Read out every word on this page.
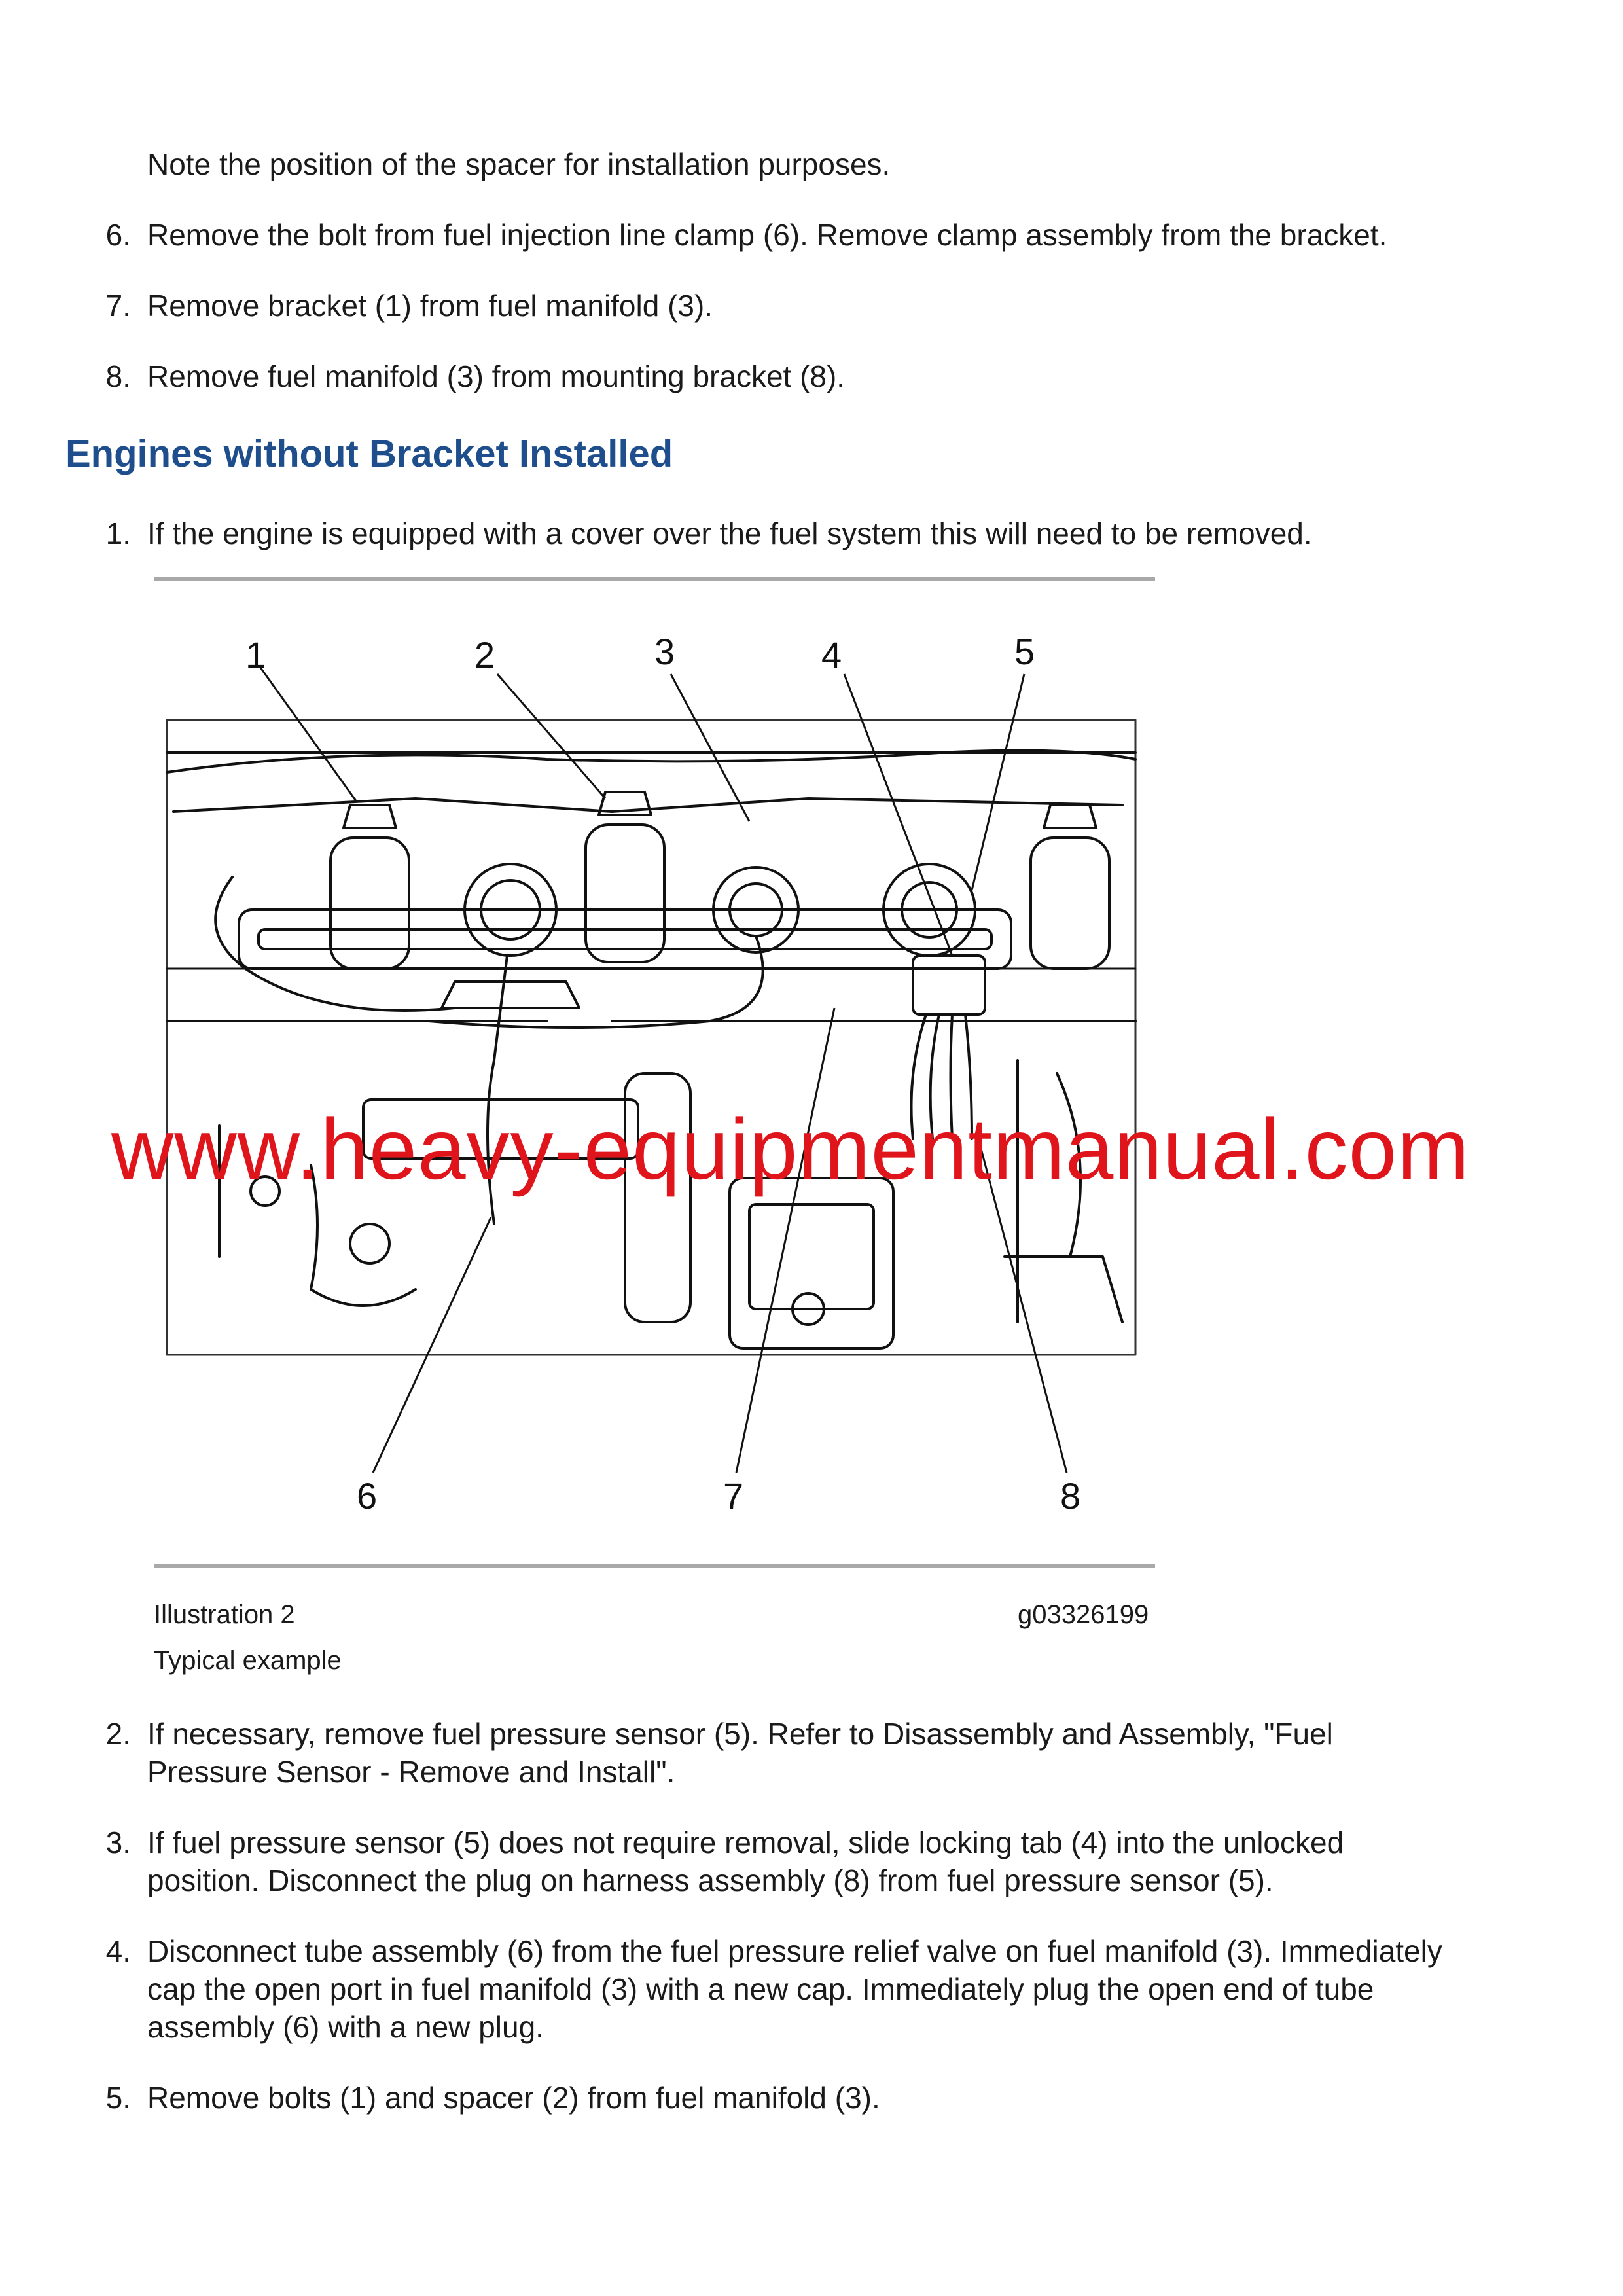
Note the position of the spacer for installation purposes.
6. Remove the bolt from fuel injection line clamp (6). Remove clamp assembly from the bracket.
7. Remove bracket (1) from fuel manifold (3).
8. Remove fuel manifold (3) from mounting bracket (8).
Engines without Bracket Installed
1. If the engine is equipped with a cover over the fuel system this will need to be removed.
1	2	3	4	5
6	7	8
www.heavy-equipmentmanual.com
Illustration 2	g03326199
Typical example
2. If necessary, remove fuel pressure sensor (5). Refer to Disassembly and Assembly, "Fuel
Pressure Sensor - Remove and Install".
3. If fuel pressure sensor (5) does not require removal, slide locking tab (4) into the unlocked
position. Disconnect the plug on harness assembly (8) from fuel pressure sensor (5).
4. Disconnect tube assembly (6) from the fuel pressure relief valve on fuel manifold (3). Immediately
cap the open port in fuel manifold (3) with a new cap. Immediately plug the open end of tube
assembly (6) with a new plug.
5. Remove bolts (1) and spacer (2) from fuel manifold (3).
